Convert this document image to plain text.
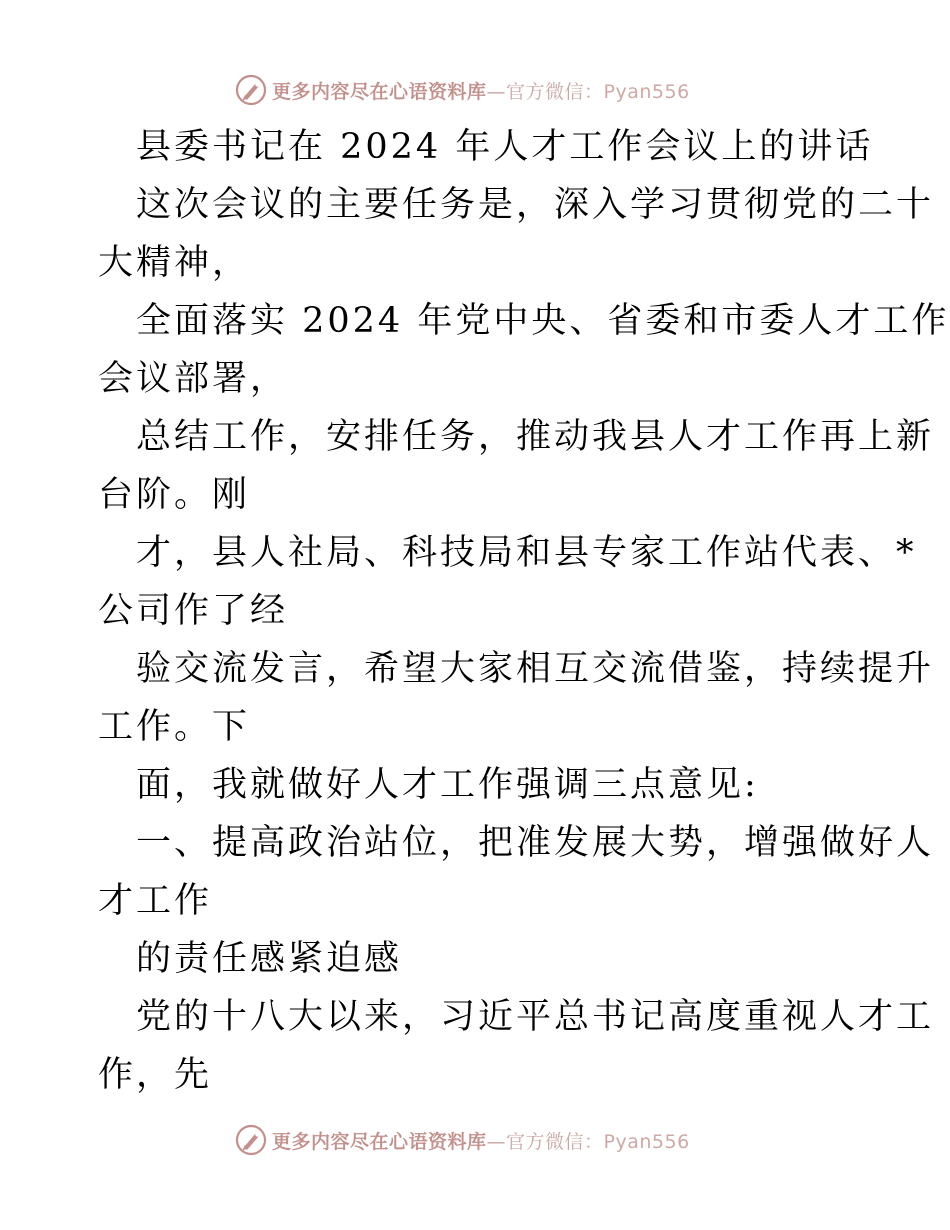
更多内容尽在心语资料库—官方微信：Pyan556
县委书记在 2024 年人才工作会议上的讲话
这次会议的主要任务是，深入学习贯彻党的二十
大精神，
全面落实 2024 年党中央、省委和市委人才工作
会议部署，
总结工作，安排任务，推动我县人才工作再上新
台阶。刚
才，县人社局、科技局和县专家工作站代表、*
公司作了经
验交流发言，希望大家相互交流借鉴，持续提升
工作。下
面，我就做好人才工作强调三点意见:
一、提高政治站位，把准发展大势，增强做好人
才工作
的责任感紧迫感
党的十八大以来，习近平总书记高度重视人才工
作，先
更多内容尽在心语资料库—官方微信：Pyan556
